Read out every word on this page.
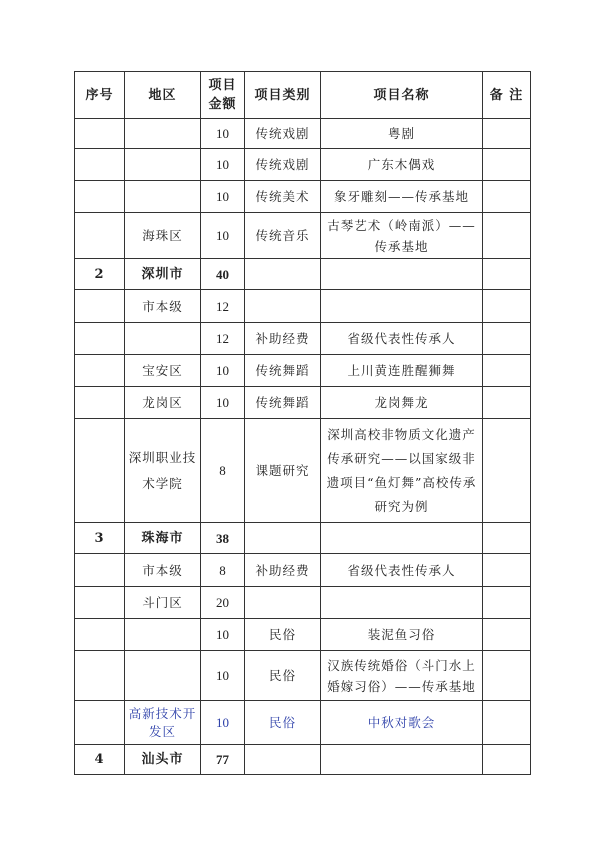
序号	地区	项目金额	项目类别	项目名称	备 注
		10	传统戏剧	粤剧	
		10	传统戏剧	广东木偶戏	
		10	传统美术	象牙雕刻——传承基地	
	海珠区	10	传统音乐	古琴艺术（岭南派）——传承基地	
2	深圳市	40			
	市本级	12			
		12	补助经费	省级代表性传承人	
	宝安区	10	传统舞蹈	上川黄连胜醒狮舞	
	龙岗区	10	传统舞蹈	龙岗舞龙	
	深圳职业技术学院	8	课题研究	深圳高校非物质文化遗产传承研究——以国家级非遗项目“鱼灯舞”高校传承研究为例	
3	珠海市	38			
	市本级	8	补助经费	省级代表性传承人	
	斗门区	20			
		10	民俗	装泥鱼习俗	
		10	民俗	汉族传统婚俗（斗门水上婚嫁习俗）——传承基地	
	高新技术开发区	10	民俗	中秋对歌会	
4	汕头市	77			
